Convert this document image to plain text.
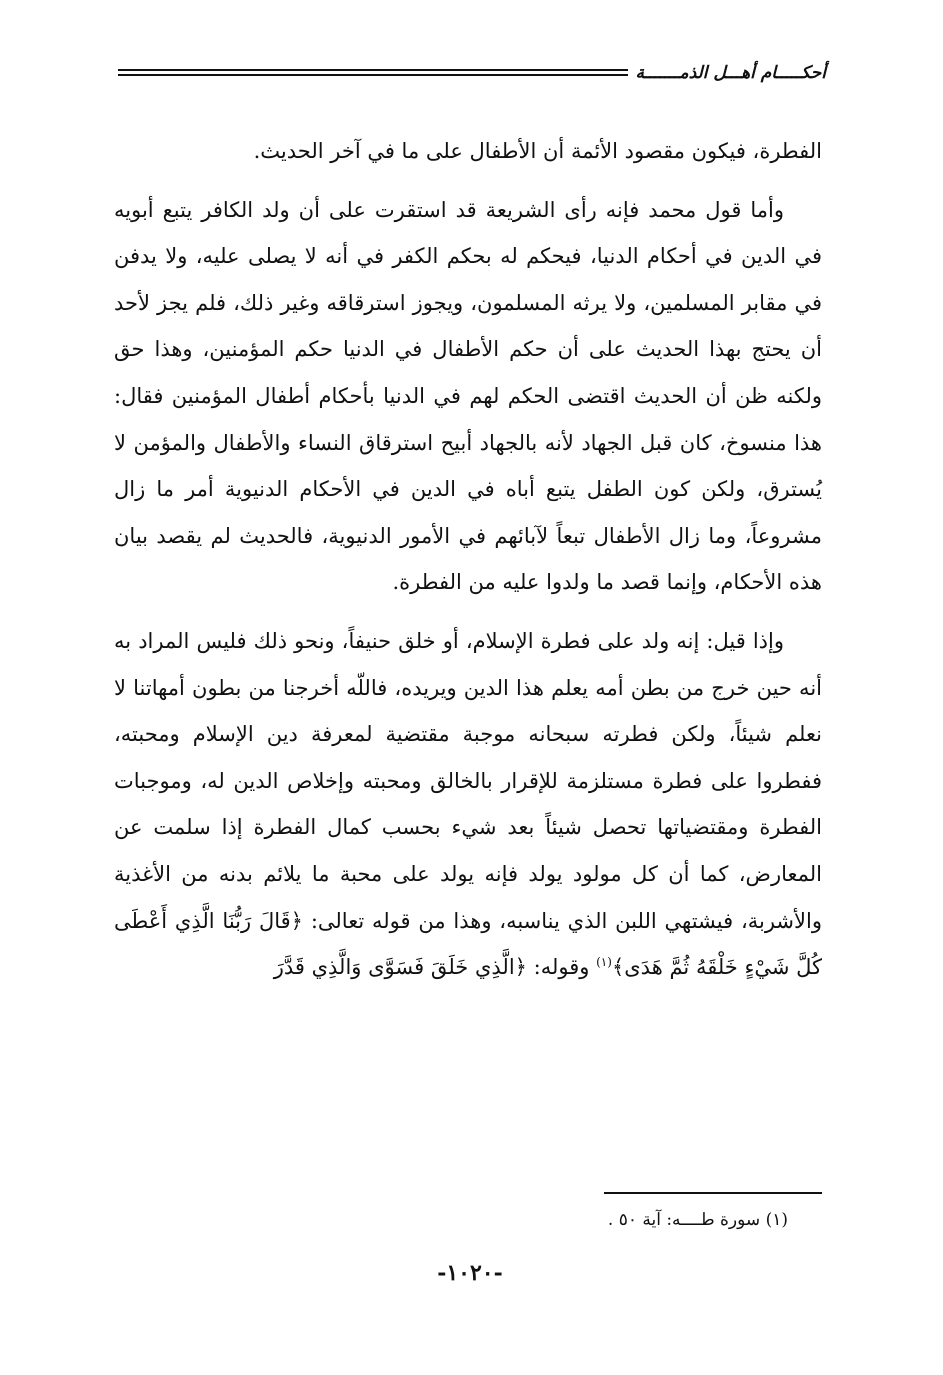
أحكـــــام أهـــل الذمـــــــة

الفطرة، فيكون مقصود الأئمة أن الأطفال على ما في آخر الحديث.

وأما قول محمد فإنه رأى الشريعة قد استقرت على أن ولد الكافر يتبع أبويه في الدين في أحكام الدنيا، فيحكم له بحكم الكفر في أنه لا يصلى عليه، ولا يدفن في مقابر المسلمين، ولا يرثه المسلمون، ويجوز استرقاقه وغير ذلك، فلم يجز لأحد أن يحتج بهذا الحديث على أن حكم الأطفال في الدنيا حكم المؤمنين، وهذا حق ولكنه ظن أن الحديث اقتضى الحكم لهم في الدنيا بأحكام أطفال المؤمنين فقال: هذا منسوخ، كان قبل الجهاد لأنه بالجهاد أبيح استرقاق النساء والأطفال والمؤمن لا يُسترق، ولكن كون الطفل يتبع أباه في الدين في الأحكام الدنيوية أمر ما زال مشروعاً، وما زال الأطفال تبعاً لآبائهم في الأمور الدنيوية، فالحديث لم يقصد بيان هذه الأحكام، وإنما قصد ما ولدوا عليه من الفطرة.

وإذا قيل: إنه ولد على فطرة الإسلام، أو خلق حنيفاً، ونحو ذلك فليس المراد به أنه حين خرج من بطن أمه يعلم هذا الدين ويريده، فاللّه أخرجنا من بطون أمهاتنا لا نعلم شيئاً، ولكن فطرته سبحانه موجبة مقتضية لمعرفة دين الإسلام ومحبته، ففطروا على فطرة مستلزمة للإقرار بالخالق ومحبته وإخلاص الدين له، وموجبات الفطرة ومقتضياتها تحصل شيئاً بعد شيء بحسب كمال الفطرة إذا سلمت عن المعارض، كما أن كل مولود يولد فإنه يولد على محبة ما يلائم بدنه من الأغذية والأشربة، فيشتهي اللبن الذي يناسبه، وهذا من قوله تعالى: ﴿قَالَ رَبُّنَا الَّذِي أَعْطَى كُلَّ شَيْءٍ خَلْقَهُ ثُمَّ هَدَى﴾$^{(١)}$ وقوله: ﴿الَّذِي خَلَقَ فَسَوَّى وَالَّذِي قَدَّرَ

(١) سورة طــــه: آية ٥٠ .
-١٠٢٠-
